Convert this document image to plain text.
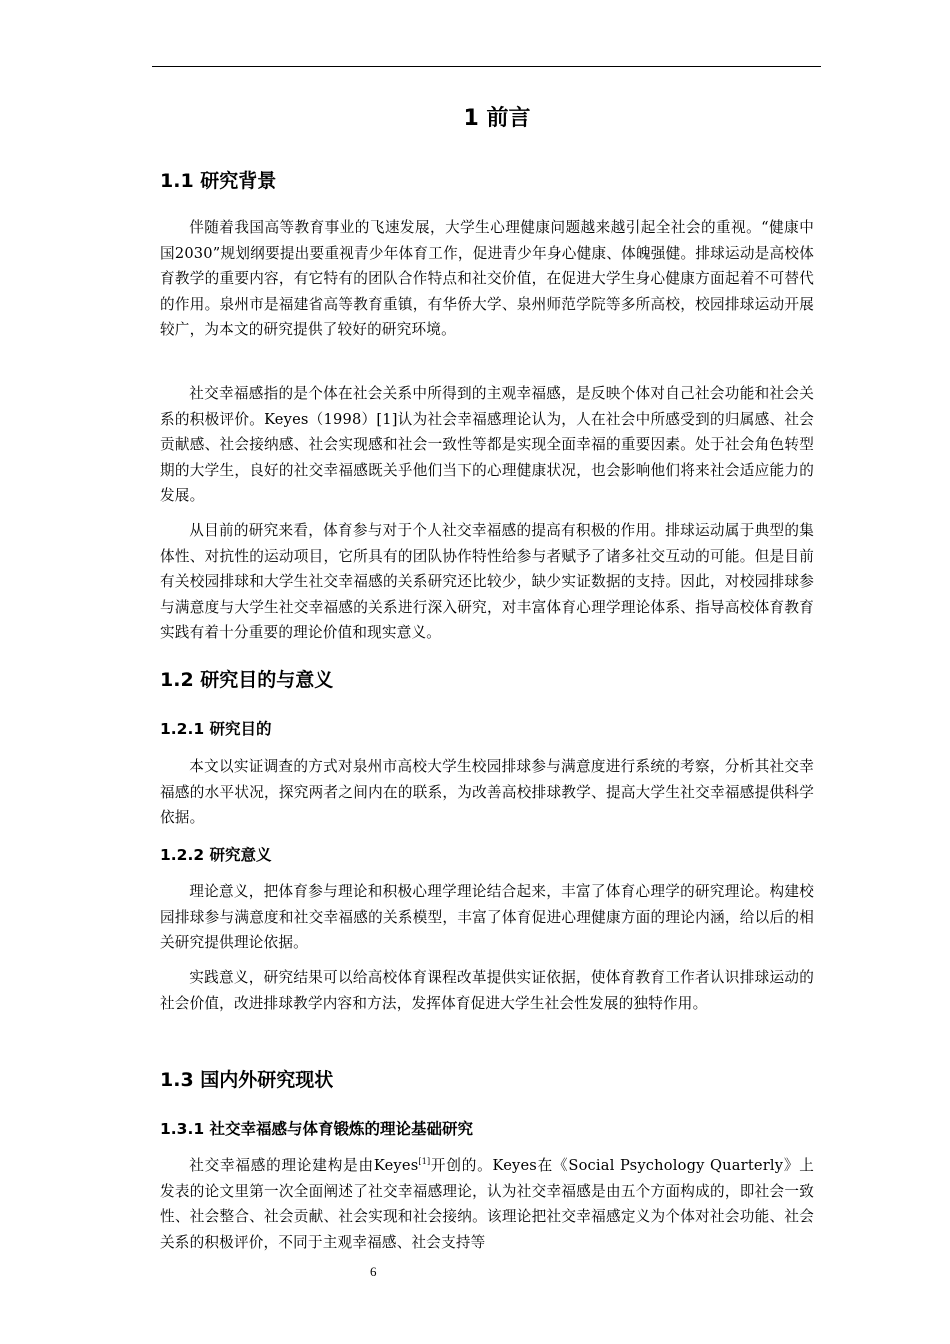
1 前言
1.1 研究背景

伴随着我国高等教育事业的飞速发展，大学生心理健康问题越来越引起全社会的重视。“健康中国2030”规划纲要提出要重视青少年体育工作，促进青少年身心健康、体魄强健。排球运动是高校体育教学的重要内容，有它特有的团队合作特点和社交价值，在促进大学生身心健康方面起着不可替代的作用。泉州市是福建省高等教育重镇，有华侨大学、泉州师范学院等多所高校，校园排球运动开展较广，为本文的研究提供了较好的研究环境。

社交幸福感指的是个体在社会关系中所得到的主观幸福感，是反映个体对自己社会功能和社会关系的积极评价。Keyes（1998）[1]认为社会幸福感理论认为，人在社会中所感受到的归属感、社会贡献感、社会接纳感、社会实现感和社会一致性等都是实现全面幸福的重要因素。处于社会角色转型期的大学生，良好的社交幸福感既关乎他们当下的心理健康状况，也会影响他们将来社会适应能力的发展。

从目前的研究来看，体育参与对于个人社交幸福感的提高有积极的作用。排球运动属于典型的集体性、对抗性的运动项目，它所具有的团队协作特性给参与者赋予了诸多社交互动的可能。但是目前有关校园排球和大学生社交幸福感的关系研究还比较少，缺少实证数据的支持。因此，对校园排球参与满意度与大学生社交幸福感的关系进行深入研究，对丰富体育心理学理论体系、指导高校体育教育实践有着十分重要的理论价值和现实意义。

1.2 研究目的与意义
1.2.1 研究目的

本文以实证调查的方式对泉州市高校大学生校园排球参与满意度进行系统的考察，分析其社交幸福感的水平状况，探究两者之间内在的联系，为改善高校排球教学、提高大学生社交幸福感提供科学依据。

1.2.2 研究意义

理论意义，把体育参与理论和积极心理学理论结合起来，丰富了体育心理学的研究理论。构建校园排球参与满意度和社交幸福感的关系模型，丰富了体育促进心理健康方面的理论内涵，给以后的相关研究提供理论依据。

实践意义，研究结果可以给高校体育课程改革提供实证依据，使体育教育工作者认识排球运动的社会价值，改进排球教学内容和方法，发挥体育促进大学生社会性发展的独特作用。

1.3 国内外研究现状
1.3.1 社交幸福感与体育锻炼的理论基础研究

社交幸福感的理论建构是由Keyes[1]开创的。Keyes在《Social Psychology Quarterly》上发表的论文里第一次全面阐述了社交幸福感理论，认为社交幸福感是由五个方面构成的，即社会一致性、社会整合、社会贡献、社会实现和社会接纳。该理论把社交幸福感定义为个体对社会功能、社会关系的积极评价，不同于主观幸福感、社会支持等

6
